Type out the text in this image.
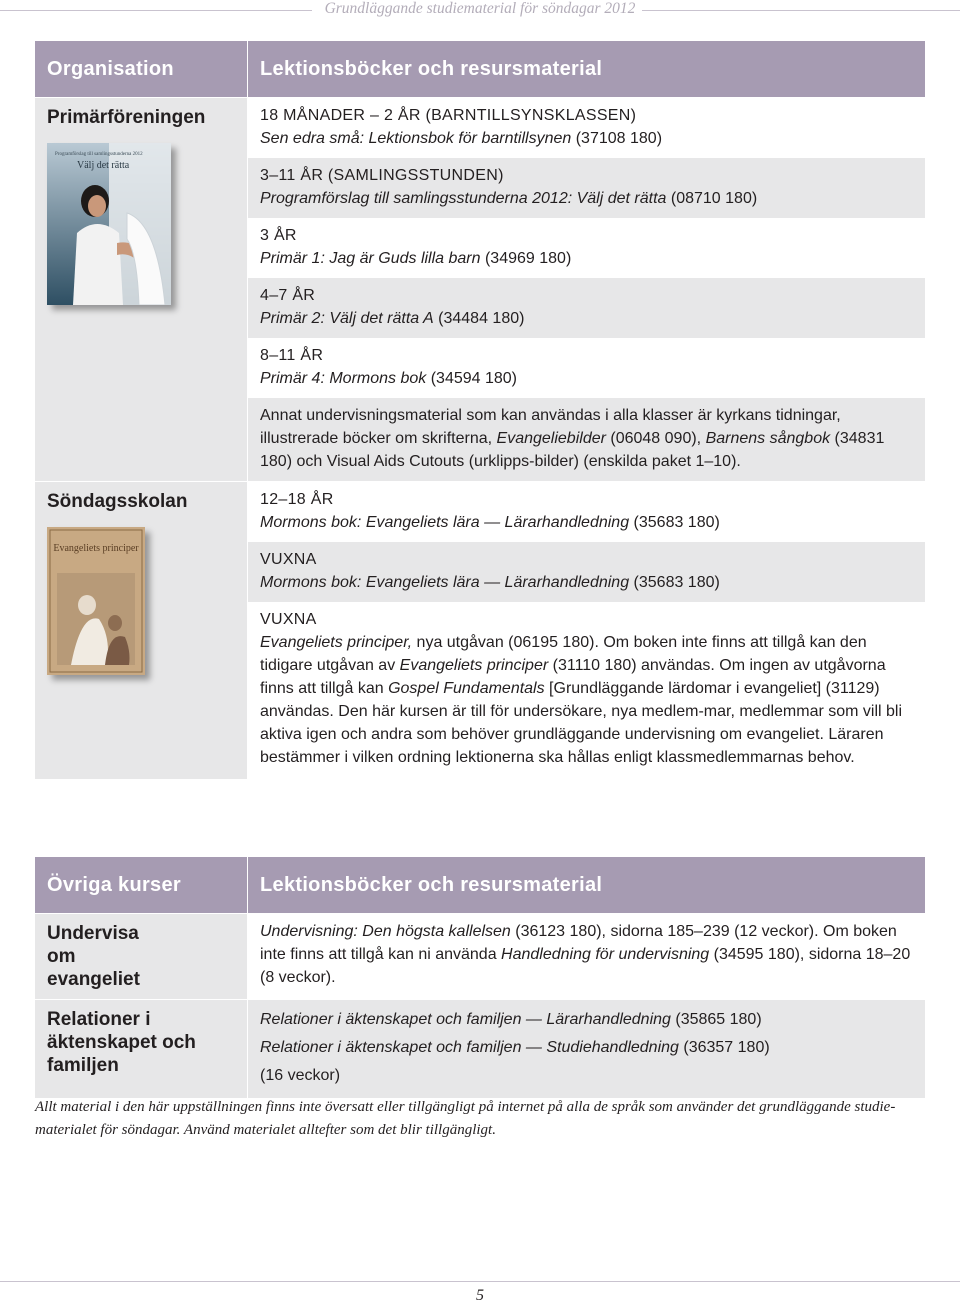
Grundläggande studiematerial för söndagar 2012
Organisation	Lektionsböcker och resursmaterial
Primärföreningen
Programförslag till samlingsstunderna 2012
Välj det rätta
18 MÅNADER – 2 ÅR (BARNTILLSYNSKLASSEN)
Sen edra små: Lektionsbok för barntillsynen (37108 180)
3–11 ÅR (SAMLINGSSTUNDEN)
Programförslag till samlingsstunderna 2012: Välj det rätta (08710 180)
3 ÅR
Primär 1: Jag är Guds lilla barn (34969 180)
4–7 ÅR
Primär 2: Välj det rätta A (34484 180)
8–11 ÅR
Primär 4: Mormons bok (34594 180)
Annat undervisningsmaterial som kan användas i alla klasser är kyrkans tidningar, illustrerade böcker om skrifterna, Evangeliebilder (06048 090), Barnens sångbok (34831 180) och Visual Aids Cutouts (urklipps-bilder) (enskilda paket 1–10).
Söndagsskolan
Evangeliets principer
12–18 ÅR
Mormons bok: Evangeliets lära — Lärarhandledning (35683 180)
VUXNA
Mormons bok: Evangeliets lära — Lärarhandledning (35683 180)
VUXNA
Evangeliets principer, nya utgåvan (06195 180). Om boken inte finns att tillgå kan den tidigare utgåvan av Evangeliets principer (31110 180) användas. Om ingen av utgåvorna finns att tillgå kan Gospel Fundamentals [Grundläggande lärdomar i evangeliet] (31129) användas. Den här kursen är till för undersökare, nya medlem-mar, medlemmar som vill bli aktiva igen och andra som behöver grundläggande undervisning om evangeliet. Läraren bestämmer i vilken ordning lektionerna ska hållas enligt klassmedlemmarnas behov.
Övriga kurser	Lektionsböcker och resursmaterial
Undervisa om evangeliet
Undervisning: Den högsta kallelsen (36123 180), sidorna 185–239 (12 veckor). Om boken inte finns att tillgå kan ni använda Handledning för undervisning (34595 180), sidorna 18–20 (8 veckor).
Relationer i äktenskapet och familjen
Relationer i äktenskapet och familjen — Lärarhandledning (35865 180)
Relationer i äktenskapet och familjen — Studiehandledning (36357 180)
(16 veckor)
Allt material i den här uppställningen finns inte översatt eller tillgängligt på internet på alla de språk som använder det grundläggande studie-materialet för söndagar. Använd materialet alltefter som det blir tillgängligt.
5
